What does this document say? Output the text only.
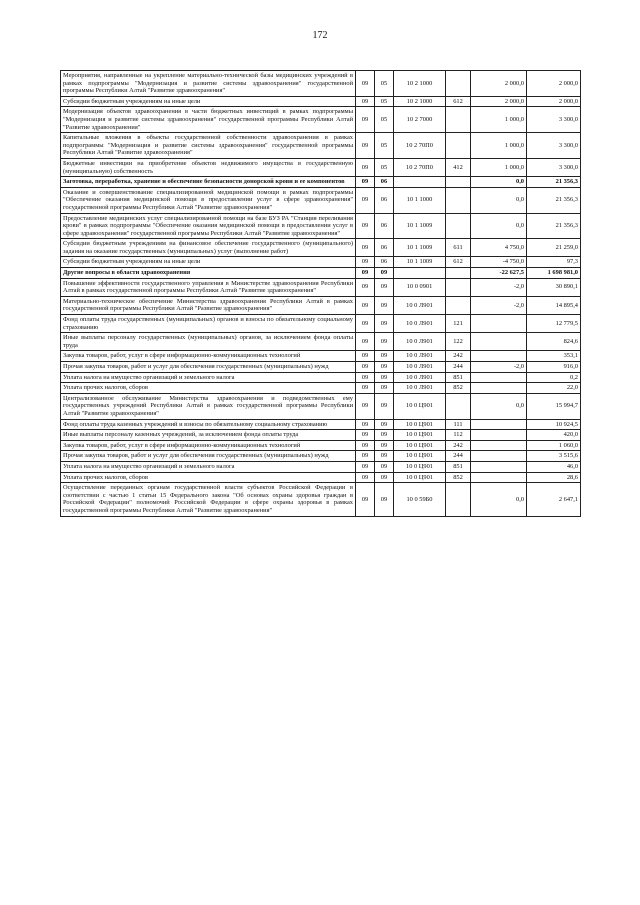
172
Мероприятия, направленные на укрепление материально-технической базы медицинских учреждений в рамках подпрограммы "Модернизация и развитие системы здравоохранения" государственной программы Республики Алтай "Развитие здравоохранения"	09	05	10 2 1000		2 000,0	2 000,0
Субсидии бюджетным учреждениям на иные цели	09	05	10 2 1000	612	2 000,0	2 000,0
Модернизация объектов здравоохранения в части бюджетных инвестиций в рамках подпрограммы "Модернизация и развитие системы здравоохранения" государственной программы Республики Алтай "Развитие здравоохранения"	09	05	10 2 7000		1 000,0	3 300,0
Капитальные вложения в объекты государственной собственности здравоохранения в рамках подпрограммы "Модернизация и развитие системы здравоохранения" государственной программы Республики Алтай "Развитие здравоохранения"	09	05	10 2 70П0		1 000,0	3 300,0
Бюджетные инвестиции на приобретение объектов недвижимого имущества в государственную (муниципальную) собственность	09	05	10 2 70П0	412	1 000,0	3 300,0
Заготовка, переработка, хранение и обеспечение безопасности донорской крови и ее компонентов	09	06			0,0	21 356,3
Оказание и совершенствование специализированной медицинской помощи в рамках подпрограммы "Обеспечение оказания медицинской помощи в предоставлении услуг в сфере здравоохранения" государственной программы Республики Алтай "Развитие здравоохранения"	09	06	10 1 1000		0,0	21 356,3
Предоставление медицинских услуг специализированной помощи на базе БУЗ РА "Станция переливания крови" в рамках подпрограммы "Обеспечение оказания медицинской помощи в предоставлении услуг в сфере здравоохранения" государственной программы Республики Алтай "Развитие здравоохранения"	09	06	10 1 1009		0,0	21 356,3
Субсидии бюджетным учреждениям на финансовое обеспечение государственного (муниципального) задания на оказание государственных (муниципальных) услуг (выполнение работ)	09	06	10 1 1009	611	4 750,0	21 259,0
Субсидии бюджетным учреждениям на иные цели	09	06	10 1 1009	612	-4 750,0	97,3
Другие вопросы в области здравоохранения	09	09			-22 627,5	1 698 981,0
Повышение эффективности государственного управления в Министерстве здравоохранения Республики Алтай в рамках государственной программы Республики Алтай "Развитие здравоохранения"	09	09	10 0 0901		-2,0	30 890,1
Материально-техническое обеспечение Министерства здравоохранения Республики Алтай в рамках государственной программы Республики Алтай "Развитие здравоохранения"	09	09	10 0 Л901		-2,0	14 895,4
Фонд оплаты труда государственных (муниципальных) органов и взносы по обязательному социальному страхованию	09	09	10 0 Л901	121		12 779,5
Иные выплаты персоналу государственных (муниципальных) органов, за исключением фонда оплаты труда	09	09	10 0 Л901	122		824,6
Закупка товаров, работ, услуг в сфере информационно-коммуникационных технологий	09	09	10 0 Л901	242		353,1
Прочая закупка товаров, работ и услуг для обеспечения государственных (муниципальных) нужд	09	09	10 0 Л901	244	-2,0	916,0
Уплата налога на имущество организаций и земельного налога	09	09	10 0 Л901	851		0,2
Уплата прочих налогов, сборов	09	09	10 0 Л901	852		22,0
Централизованное обслуживание Министерства здравоохранения и подведомственных ему государственных учреждений Республики Алтай в рамках государственной программы Республики Алтай "Развитие здравоохранения"	09	09	10 0 Ц901		0,0	15 994,7
Фонд оплаты труда казенных учреждений и взносы по обязательному социальному страхованию	09	09	10 0 Ц901	111		10 924,5
Иные выплаты персоналу казенных учреждений, за исключением фонда оплаты труда	09	09	10 0 Ц901	112		420,0
Закупка товаров, работ, услуг в сфере информационно-коммуникационных технологий	09	09	10 0 Ц901	242		1 060,0
Прочая закупка товаров, работ и услуг для обеспечения государственных (муниципальных) нужд	09	09	10 0 Ц901	244		3 515,6
Уплата налога на имущество организаций и земельного налога	09	09	10 0 Ц901	851		46,0
Уплата прочих налогов, сборов	09	09	10 0 Ц901	852		28,6
Осуществление переданных органам государственной власти субъектов Российской Федерации в соответствии с частью 1 статьи 15 Федерального закона "Об основах охраны здоровья граждан в Российской Федерации" полномочий Российской Федерации в сфере охраны здоровья в рамках государственной программы Республики Алтай "Развитие здравоохранения"	09	09	10 0 59Б0		0,0	2 647,1
